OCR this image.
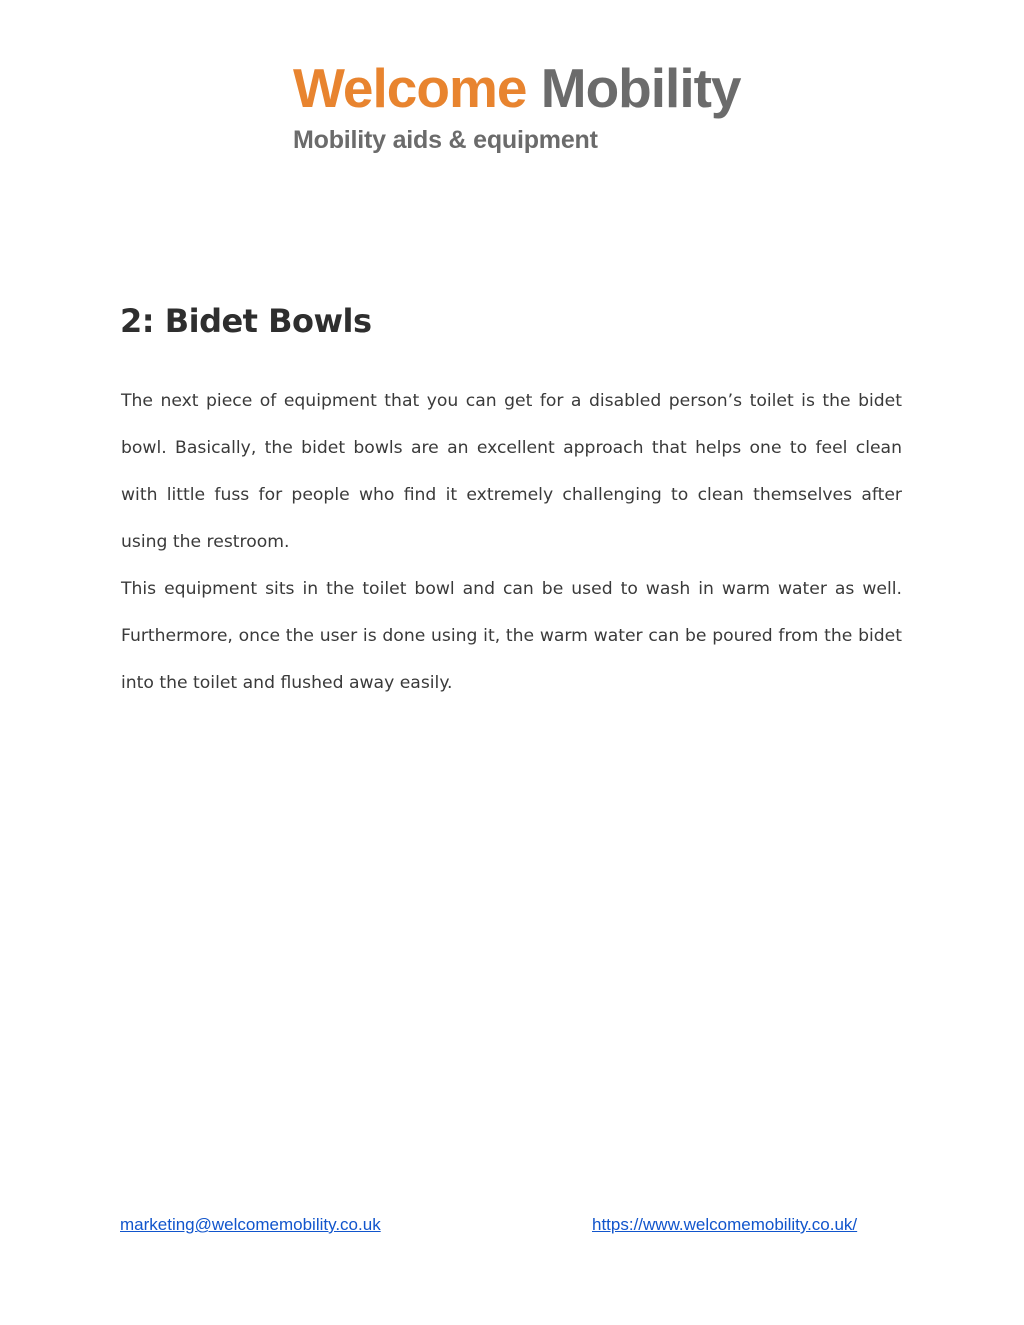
Welcome Mobility
Mobility aids & equipment
2: Bidet Bowls

The next piece of equipment that you can get for a disabled person’s toilet is the bidet bowl. Basically, the bidet bowls are an excellent approach that helps one to feel clean with little fuss for people who find it extremely challenging to clean themselves after using the restroom.

This equipment sits in the toilet bowl and can be used to wash in warm water as well. Furthermore, once the user is done using it, the warm water can be poured from the bidet into the toilet and flushed away easily.

marketing@welcomemobility.co.uk	https://www.welcomemobility.co.uk/
